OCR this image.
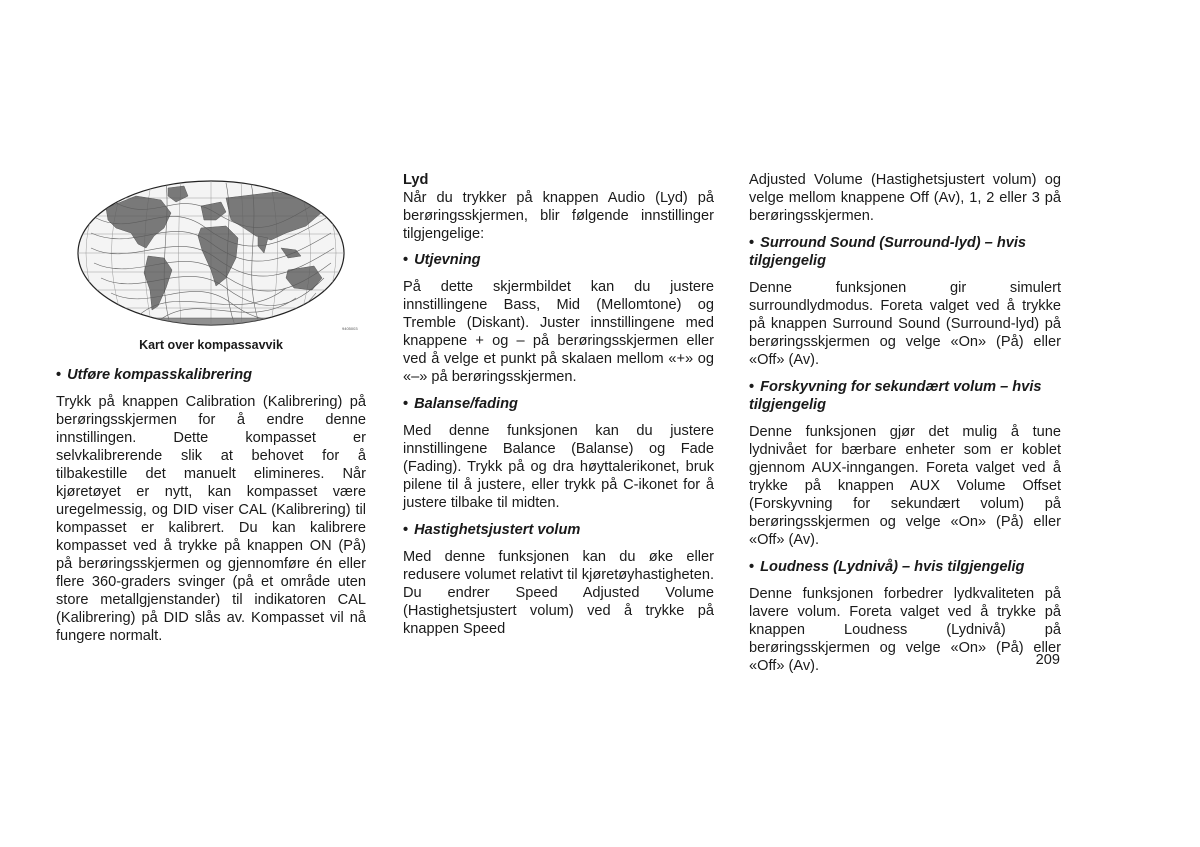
9405003

Kart over kompassavvik

• Utføre kompasskalibrering

Trykk på knappen Calibration (Kalibrering) på berøringsskjermen for å endre denne innstillingen. Dette kompasset er selvkalibrerende slik at behovet for å tilbakestille det manuelt elimineres. Når kjøretøyet er nytt, kan kompasset være uregelmessig, og DID viser CAL (Kalibrering) til kompasset er kalibrert. Du kan kalibrere kompasset ved å trykke på knappen ON (På) på berøringsskjermen og gjennomføre én eller flere 360-graders svinger (på et område uten store metallgjenstander) til indikatoren CAL (Kalibrering) på DID slås av. Kompasset vil nå fungere normalt.

Lyd

Når du trykker på knappen Audio (Lyd) på berøringsskjermen, blir følgende innstillinger tilgjengelige:

• Utjevning

På dette skjermbildet kan du justere innstillingene Bass, Mid (Mellomtone) og Tremble (Diskant). Juster innstillingene med knappene + og – på berøringsskjermen eller ved å velge et punkt på skalaen mellom «+» og «–» på berøringsskjermen.

• Balanse/fading

Med denne funksjonen kan du justere innstillingene Balance (Balanse) og Fade (Fading). Trykk på og dra høyttalerikonet, bruk pilene til å justere, eller trykk på C-ikonet for å justere tilbake til midten.

• Hastighetsjustert volum

Med denne funksjonen kan du øke eller redusere volumet relativt til kjøretøyhastigheten. Du endrer Speed Adjusted Volume (Hastighetsjustert volum) ved å trykke på knappen Speed

Adjusted Volume (Hastighetsjustert volum) og velge mellom knappene Off (Av), 1, 2 eller 3 på berøringsskjermen.

• Surround Sound (Surround-lyd) – hvis tilgjengelig

Denne funksjonen gir simulert surroundlydmodus. Foreta valget ved å trykke på knappen Surround Sound (Surround-lyd) på berøringsskjermen og velge «On» (På) eller «Off» (Av).

• Forskyvning for sekundært volum – hvis tilgjengelig

Denne funksjonen gjør det mulig å tune lydnivået for bærbare enheter som er koblet gjennom AUX-inngangen. Foreta valget ved å trykke på knappen AUX Volume Offset (Forskyvning for sekundært volum) på berøringsskjermen og velge «On» (På) eller «Off» (Av).

• Loudness (Lydnivå) – hvis tilgjengelig

Denne funksjonen forbedrer lydkvaliteten på lavere volum. Foreta valget ved å trykke på knappen Loudness (Lydnivå) på berøringsskjermen og velge «On» (På) eller «Off» (Av).	209
